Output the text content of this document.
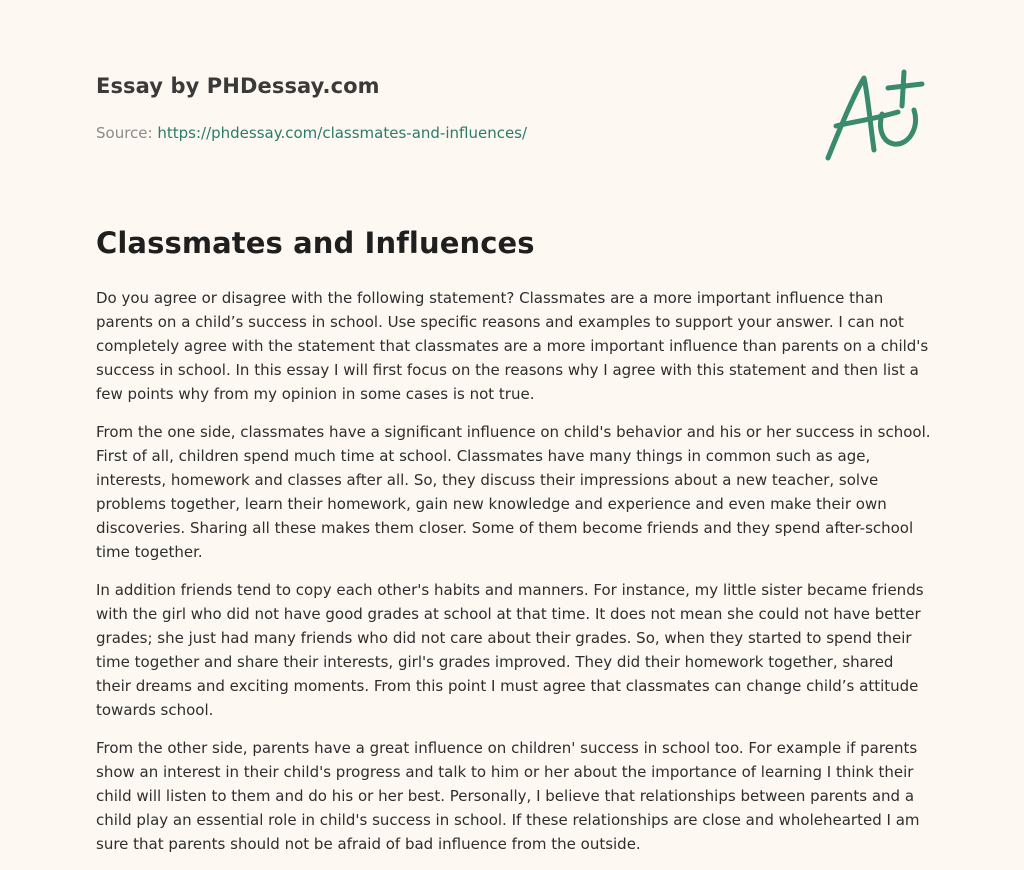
Essay by PHDessay.com
Source: https://phdessay.com/classmates-and-influences/
Classmates and Influences

Do you agree or disagree with the following statement? Classmates are a more important influence than parents on a child’s success in school. Use specific reasons and examples to support your answer. I can not completely agree with the statement that classmates are a more important influence than parents on a child's success in school. In this essay I will first focus on the reasons why I agree with this statement and then list a few points why from my opinion in some cases is not true.

From the one side, classmates have a significant influence on child's behavior and his or her success in school. First of all, children spend much time at school. Classmates have many things in common such as age, interests, homework and classes after all. So, they discuss their impressions about a new teacher, solve problems together, learn their homework, gain new knowledge and experience and even make their own discoveries. Sharing all these makes them closer. Some of them become friends and they spend after-school time together.

In addition friends tend to copy each other's habits and manners. For instance, my little sister became friends with the girl who did not have good grades at school at that time. It does not mean she could not have better grades; she just had many friends who did not care about their grades. So, when they started to spend their time together and share their interests, girl's grades improved. They did their homework together, shared their dreams and exciting moments. From this point I must agree that classmates can change child’s attitude towards school.

From the other side, parents have a great influence on children' success in school too. For example if parents show an interest in their child's progress and talk to him or her about the importance of learning I think their child will listen to them and do his or her best. Personally, I believe that relationships between parents and a child play an essential role in child's success in school. If these relationships are close and wholehearted I am sure that parents should not be afraid of bad influence from the outside.
